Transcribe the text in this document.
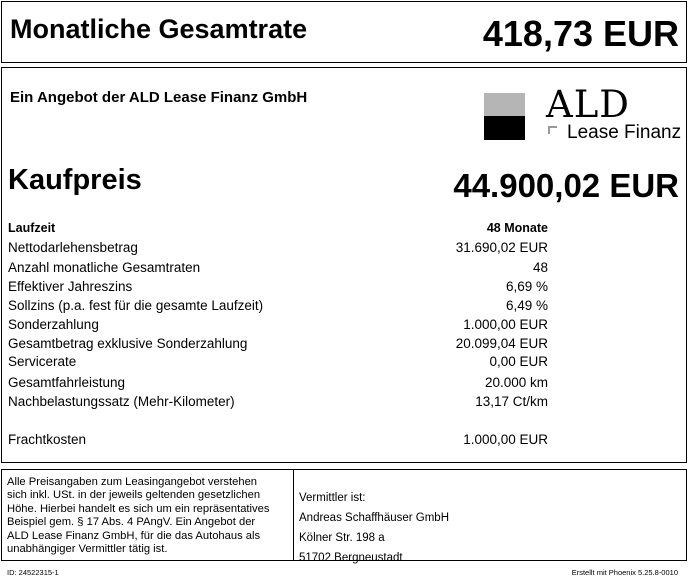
Monatliche Gesamtrate	418,73 EUR
Ein Angebot der ALD Lease Finanz GmbH	ALD
Lease Finanz
Kaufpreis	44.900,02 EUR
Laufzeit	48 Monate
Nettodarlehensbetrag	31.690,02 EUR
Anzahl monatliche Gesamtraten	48
Effektiver Jahreszins	6,69 %
Sollzins (p.a. fest für die gesamte Laufzeit)	6,49 %
Sonderzahlung	1.000,00 EUR
Gesamtbetrag exklusive Sonderzahlung	20.099,04 EUR
Servicerate	0,00 EUR
Gesamtfahrleistung	20.000 km
Nachbelastungssatz (Mehr-Kilometer)	13,17 Ct/km
Frachtkosten	1.000,00 EUR
Alle Preisangaben zum Leasingangebot verstehen
sich inkl. USt. in der jeweils geltenden gesetzlichen
Höhe. Hierbei handelt es sich um ein repräsentatives
Beispiel gem. § 17 Abs. 4 PAngV. Ein Angebot der
ALD Lease Finanz GmbH, für die das Autohaus als
unabhängiger Vermittler tätig ist.
Vermittler ist:
Andreas Schaffhäuser GmbH
Kölner Str. 198 a
51702 Bergneustadt
ID: 24522315-1	Erstellt mit Phoenix 5.25.8-0010
